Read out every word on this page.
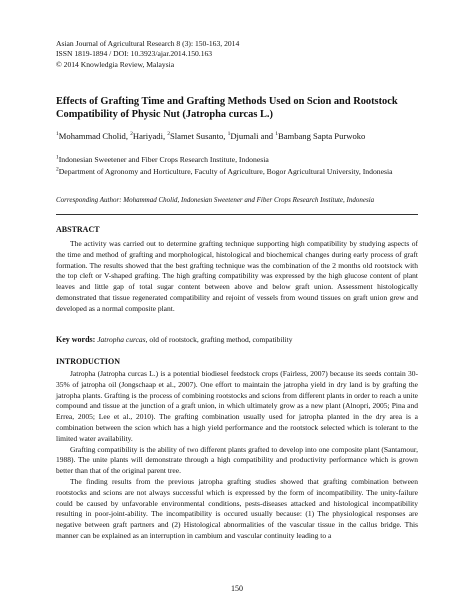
Asian Journal of Agricultural Research 8 (3): 150-163, 2014
ISSN 1819-1894 / DOI: 10.3923/ajar.2014.150.163
© 2014 Knowledgia Review, Malaysia
Effects of Grafting Time and Grafting Methods Used on Scion and Rootstock Compatibility of Physic Nut (Jatropha curcas L.)
$^1$Mohammad Cholid, $^2$Hariyadi, $^2$Slamet Susanto, $^1$Djumali and $^1$Bambang Sapta Purwoko
$^1$Indonesian Sweetener and Fiber Crops Research Institute, Indonesia
$^2$Department of Agronomy and Horticulture, Faculty of Agriculture, Bogor Agricultural University, Indonesia
Corresponding Author: Mohammad Cholid, Indonesian Sweetener and Fiber Crops Research Institute, Indonesia
ABSTRACT
The activity was carried out to determine grafting technique supporting high compatibility by studying aspects of the time and method of grafting and morphological, histological and biochemical changes during early process of graft formation. The results showed that the best grafting technique was the combination of the 2 months old rootstock with the top cleft or V-shaped grafting. The high grafting compatibility was expressed by the high glucose content of plant leaves and little gap of total sugar content between above and below graft union. Assessment histologically demonstrated that tissue regenerated compatibility and rejoint of vessels from wound tissues on graft union grew and developed as a normal composite plant.
Key words: Jatropha curcas, old of rootstock, grafting method, compatibility
INTRODUCTION

Jatropha (Jatropha curcas L.) is a potential biodiesel feedstock crops (Fairless, 2007) because its seeds contain 30-35% of jatropha oil (Jongschaap et al., 2007). One effort to maintain the jatropha yield in dry land is by grafting the jatropha plants. Grafting is the process of combining rootstocks and scions from different plants in order to reach a unite compound and tissue at the junction of a graft union, in which ultimately grow as a new plant (Alnopri, 2005; Pina and Errea, 2005; Lee et al., 2010). The grafting combination usually used for jatropha planted in the dry area is a combination between the scion which has a high yield performance and the rootstock selected which is tolerant to the limited water availability.

Grafting compatibility is the ability of two different plants grafted to develop into one composite plant (Santamour, 1988). The unite plants will demonstrate through a high compatibility and productivity performance which is grown better than that of the original parent tree.

The finding results from the previous jatropha grafting studies showed that grafting combination between rootstocks and scions are not always successful which is expressed by the form of incompatibility. The unity-failure could be caused by unfavorable environmental conditions, pests-diseases attacked and histological incompatibility resulting in poor-joint-ability. The incompatibility is occured usually because: (1) The physiological responses are negative between graft partners and (2) Histological abnormalities of the vascular tissue in the callus bridge. This manner can be explained as an interruption in cambium and vascular continuity leading to a

150
